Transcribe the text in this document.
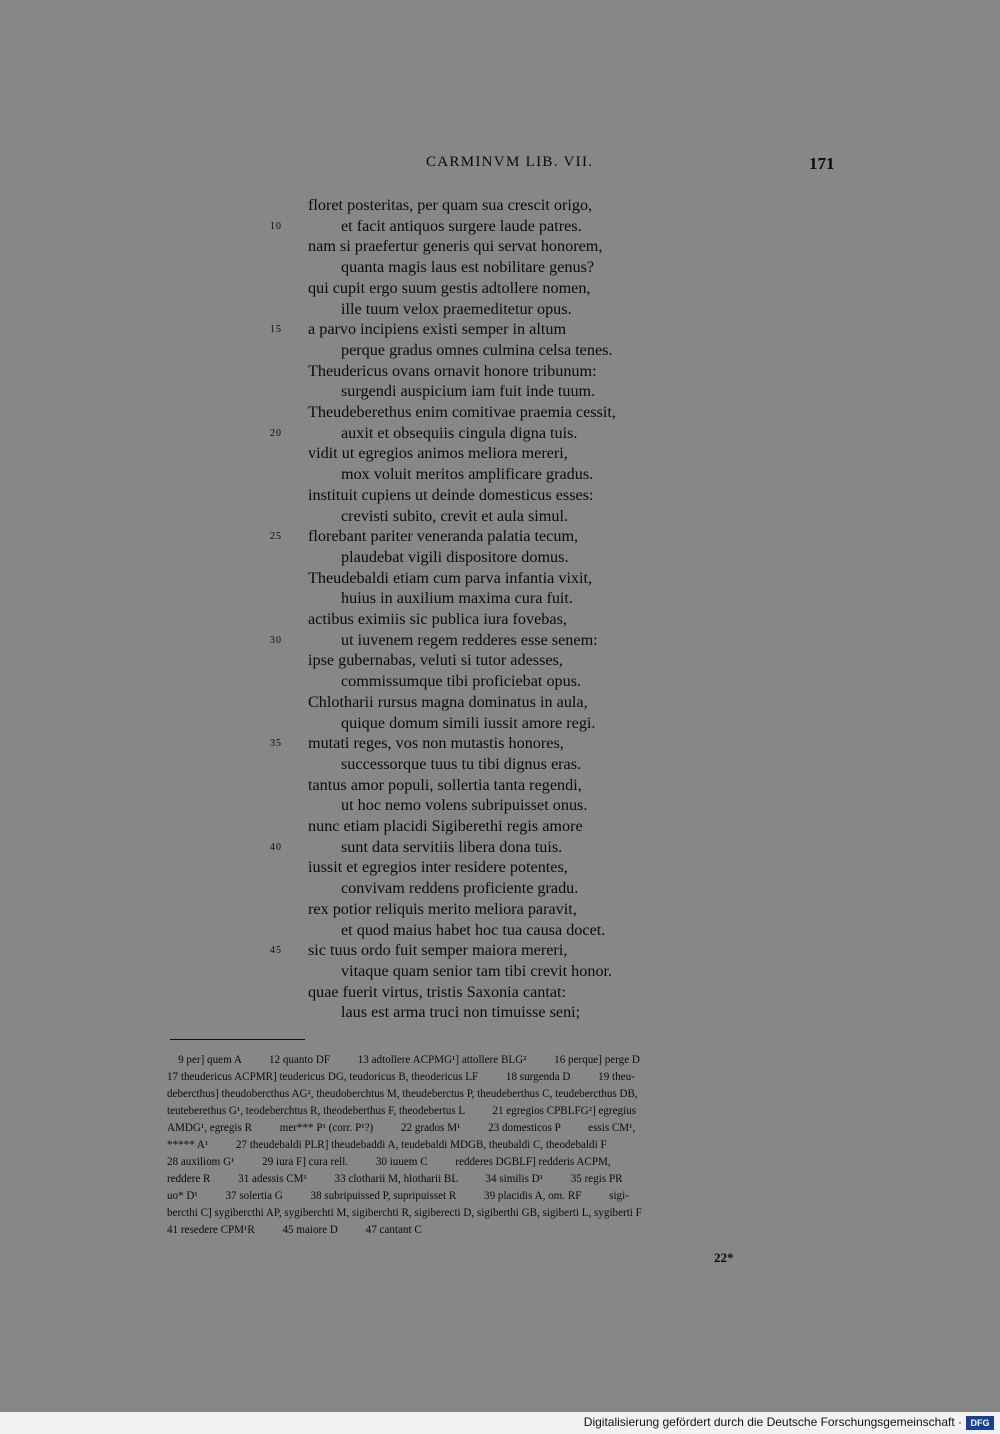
CARMINVM LIB. VII.	171
floret posteritas, per quam sua crescit origo,
et facit antiquos surgere laude patres.
nam si praefertur generis qui servat honorem,
quanta magis laus est nobilitare genus?
qui cupit ergo suum gestis adtollere nomen,
ille tuum velox praemeditetur opus.
a parvo incipiens existi semper in altum
perque gradus omnes culmina celsa tenes.
Theudericus ovans ornavit honore tribunum:
surgendi auspicium iam fuit inde tuum.
Theudeberethus enim comitivae praemia cessit,
auxit et obsequiis cingula digna tuis.
vidit ut egregios animos meliora mereri,
mox voluit meritos amplificare gradus.
instituit cupiens ut deinde domesticus esses:
crevisti subito, crevit et aula simul.
florebant pariter veneranda palatia tecum,
plaudebat vigili dispositore domus.
Theudebaldi etiam cum parva infantia vixit,
huius in auxilium maxima cura fuit.
actibus eximiis sic publica iura fovebas,
ut iuvenem regem redderes esse senem:
ipse gubernabas, veluti si tutor adesses,
commissumque tibi proficiebat opus.
Chlotharii rursus magna dominatus in aula,
quique domum simili iussit amore regi.
mutati reges, vos non mutastis honores,
successorque tuus tu tibi dignus eras.
tantus amor populi, sollertia tanta regendi,
ut hoc nemo volens subripuisset onus.
nunc etiam placidi Sigiberethi regis amore
sunt data servitiis libera dona tuis.
iussit et egregios inter residere potentes,
convivam reddens proficiente gradu.
rex potior reliquis merito meliora paravit,
et quod maius habet hoc tua causa docet.
sic tuus ordo fuit semper maiora mereri,
vitaque quam senior tam tibi crevit honor.
quae fuerit virtus, tristis Saxonia cantat:
laus est arma truci non timuisse seni;
10
15
20
25
30
35
40
45
9 per] quem A          12 quanto DF          13 adtollere ACPMG¹] attollere BLG²          16 perque] perge D
17 theudericus ACPMR] teudericus DG, teudoricus B, theodericus LF          18 surgenda D          19 theu-
debercthus] theudobercthus AG², theudoberchtus M, theudeberctus P, theudeberthus C, teudebercthus DB,
teuteberethus G¹, teodeberchtus R, theodeberthus F, theodebertus L          21 egregios CPBLFG²] egregius
AMDG¹, egregis R          mer*** P¹ (corr. P¹?)          22 grados M¹          23 domesticos P          essis CM¹,
***** A¹          27 theudebaldi PLR] theudebaddi A, teudebaldi MDGB, theubaldi C, theodebaldi F
28 auxiliom G¹          29 iura F] cura rell.          30 iuuem C          redderes DGBLF] redderis ACPM,
reddere R          31 adessis CM¹          33 clotharii M, hlotharii BL          34 similis D¹          35 regis PR
uo* D¹          37 solertia G          38 subripuissed P, supripuisset R          39 placidis A, om. RF          sigi-
bercthi C] sygibercthi AP, sygiberchti M, sigiberchti R, sigiberecti D, sigiberthi GB, sigiberti L, sygiberti F
41 resedere CPM¹R          45 maiore D          47 cantant C
22*
Digitalisierung gefördert durch die Deutsche Forschungsgemeinschaft · DFG
